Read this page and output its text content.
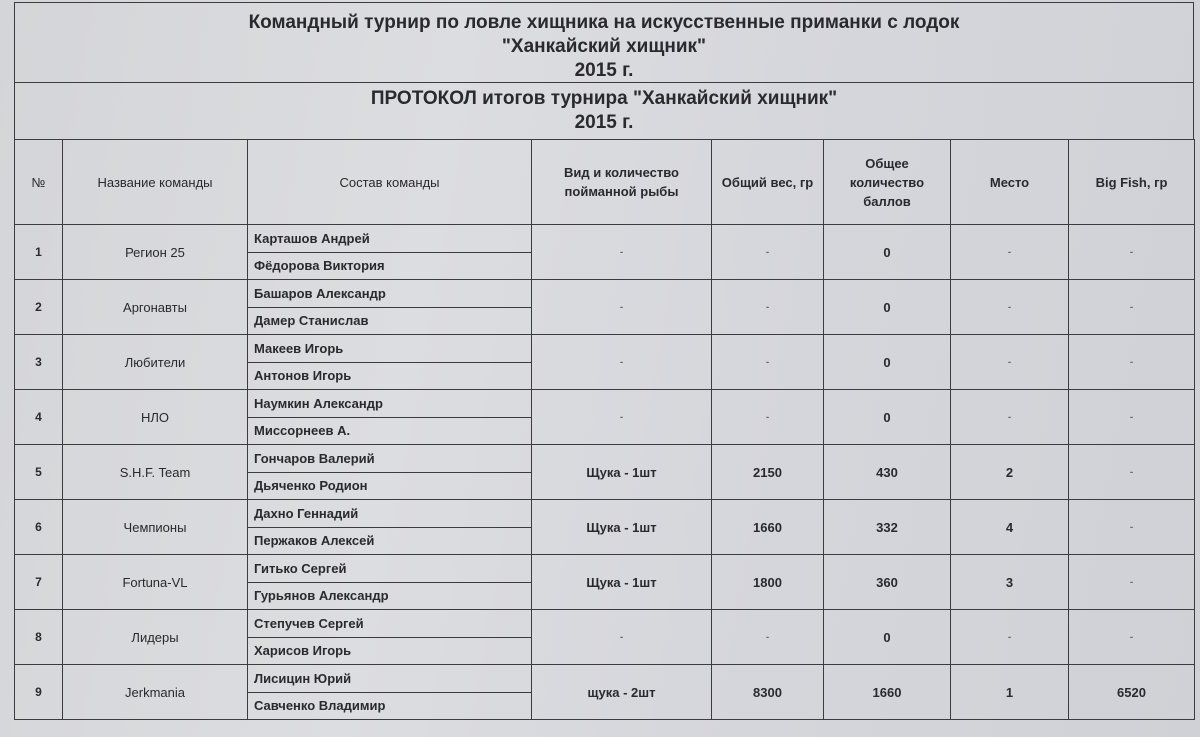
Командный турнир по ловле хищника на искусственные приманки с лодок
"Ханкайский хищник"
2015 г.
ПРОТОКОЛ итогов турнира "Ханкайский хищник"
2015 г.
№	Название команды	Состав команды	Вид и количество пойманной рыбы	Общий вес, гр	Общее количество баллов	Место	Big Fish, гр
1	Регион 25	Карташов Андрей	-	-	0	-	-
		Фёдорова Виктория					
2	Аргонавты	Башаров Александр	-	-	0	-	-
		Дамер Станислав					
3	Любители	Макеев Игорь	-	-	0	-	-
		Антонов Игорь					
4	НЛО	Наумкин Александр	-	-	0	-	-
		Миссорнеев А.					
5	S.H.F. Team	Гончаров Валерий	Щука - 1шт	2150	430	2	-
		Дьяченко Родион					
6	Чемпионы	Дахно Геннадий	Щука - 1шт	1660	332	4	-
		Пержаков Алексей					
7	Fortuna-VL	Гитько Сергей	Щука - 1шт	1800	360	3	-
		Гурьянов Александр					
8	Лидеры	Степучев Сергей	-	-	0	-	-
		Харисов Игорь					
9	Jerkmania	Лисицин Юрий	щука - 2шт	8300	1660	1	6520
		Савченко Владимир					
